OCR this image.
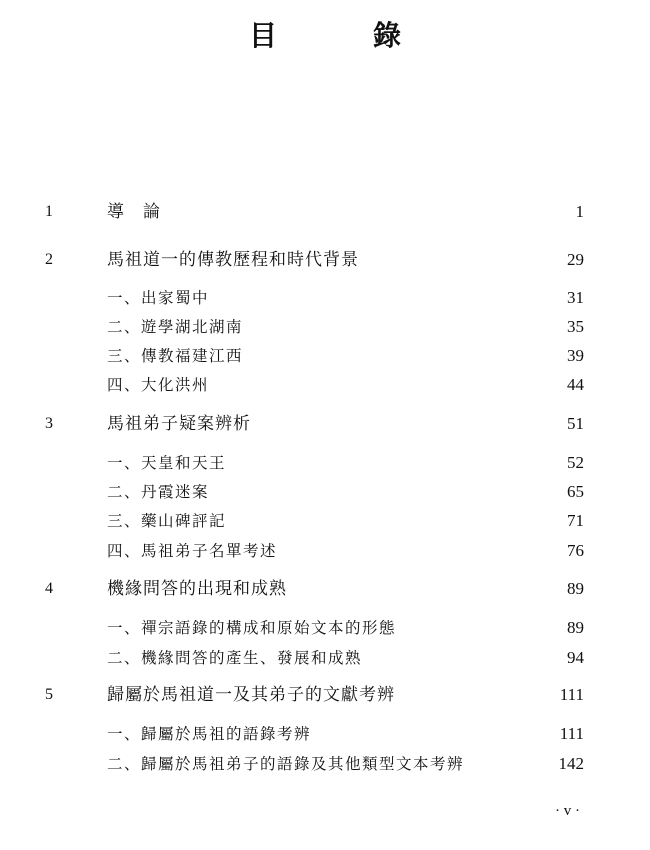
目　錄
1	導　論	1
2	馬祖道一的傳教歷程和時代背景	29
一、出家蜀中	31
二、遊學湖北湖南	35
三、傳教福建江西	39
四、大化洪州	44
3	馬祖弟子疑案辨析	51
一、天皇和天王	52
二、丹霞迷案	65
三、藥山碑評記	71
四、馬祖弟子名單考述	76
4	機緣問答的出現和成熟	89
一、禪宗語錄的構成和原始文本的形態	89
二、機緣問答的產生、發展和成熟	94
5	歸屬於馬祖道一及其弟子的文獻考辨	111
一、歸屬於馬祖的語錄考辨	111
二、歸屬於馬祖弟子的語錄及其他類型文本考辨	142
· v ·
